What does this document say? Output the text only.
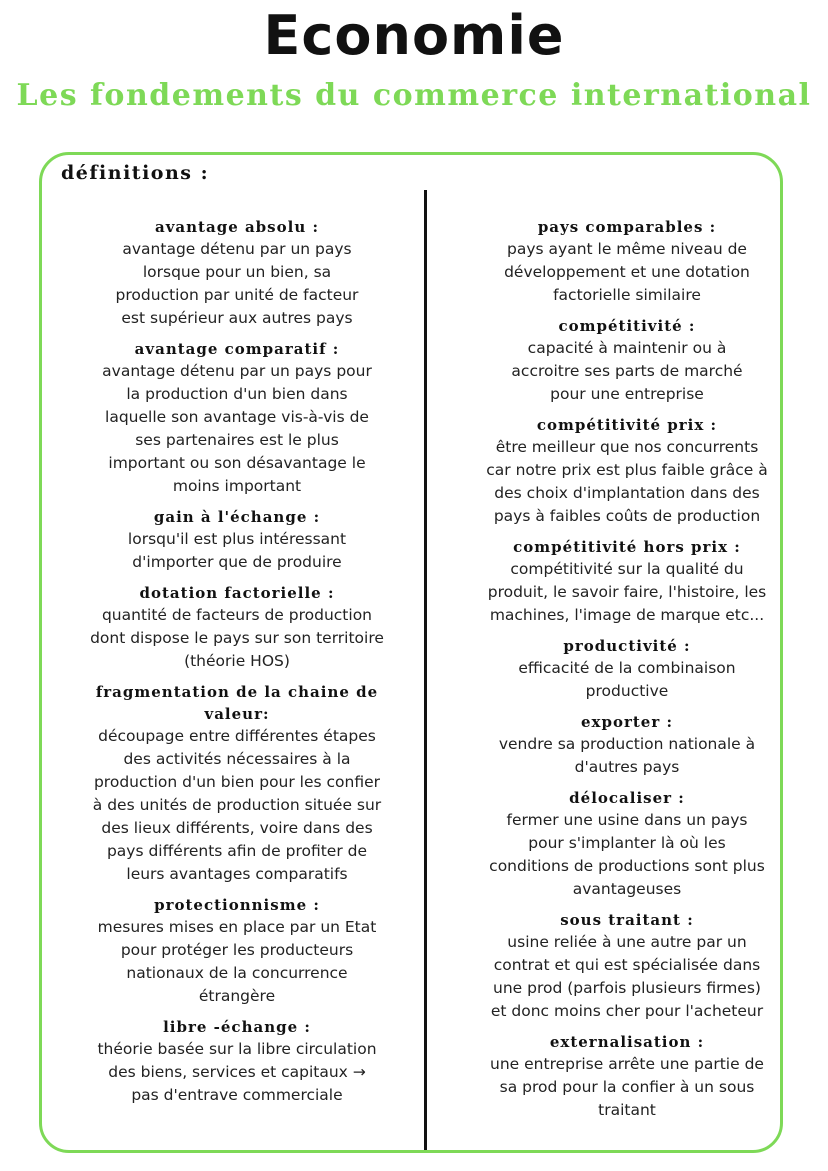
Economie
Les fondements du commerce international
définitions :
avantage absolu :
avantage détenu par un pays
lorsque pour un bien, sa
production par unité de facteur
est supérieur aux autres pays
avantage comparatif :
avantage détenu par un pays pour
la production d'un bien dans
laquelle son avantage vis-à-vis de
ses partenaires est le plus
important ou son désavantage le
moins important
gain à l'échange :
lorsqu'il est plus intéressant
d'importer que de produire
dotation factorielle :
quantité de facteurs de production
dont dispose le pays sur son territoire
(théorie HOS)
fragmentation de la chaine de
valeur:
découpage entre différentes étapes
des activités nécessaires à la
production d'un bien pour les confier
à des unités de production située sur
des lieux différents, voire dans des
pays différents afin de profiter de
leurs avantages comparatifs
protectionnisme :
mesures mises en place par un Etat
pour protéger les producteurs
nationaux de la concurrence
étrangère
libre -échange :
théorie basée sur la libre circulation
des biens, services et capitaux →
pas d'entrave commerciale
pays comparables :
pays ayant le même niveau de
développement et une dotation
factorielle similaire
compétitivité :
capacité à maintenir ou à
accroitre ses parts de marché
pour une entreprise
compétitivité prix :
être meilleur que nos concurrents
car notre prix est plus faible grâce à
des choix d'implantation dans des
pays à faibles coûts de production
compétitivité hors prix :
compétitivité sur la qualité du
produit, le savoir faire, l'histoire, les
machines, l'image de marque etc...
productivité :
efficacité de la combinaison
productive
exporter :
vendre sa production nationale à
d'autres pays
délocaliser :
fermer une usine dans un pays
pour s'implanter là où les
conditions de productions sont plus
avantageuses
sous traitant :
usine reliée à une autre par un
contrat et qui est spécialisée dans
une prod (parfois plusieurs firmes)
et donc moins cher pour l'acheteur
externalisation :
une entreprise arrête une partie de
sa prod pour la confier à un sous
traitant
